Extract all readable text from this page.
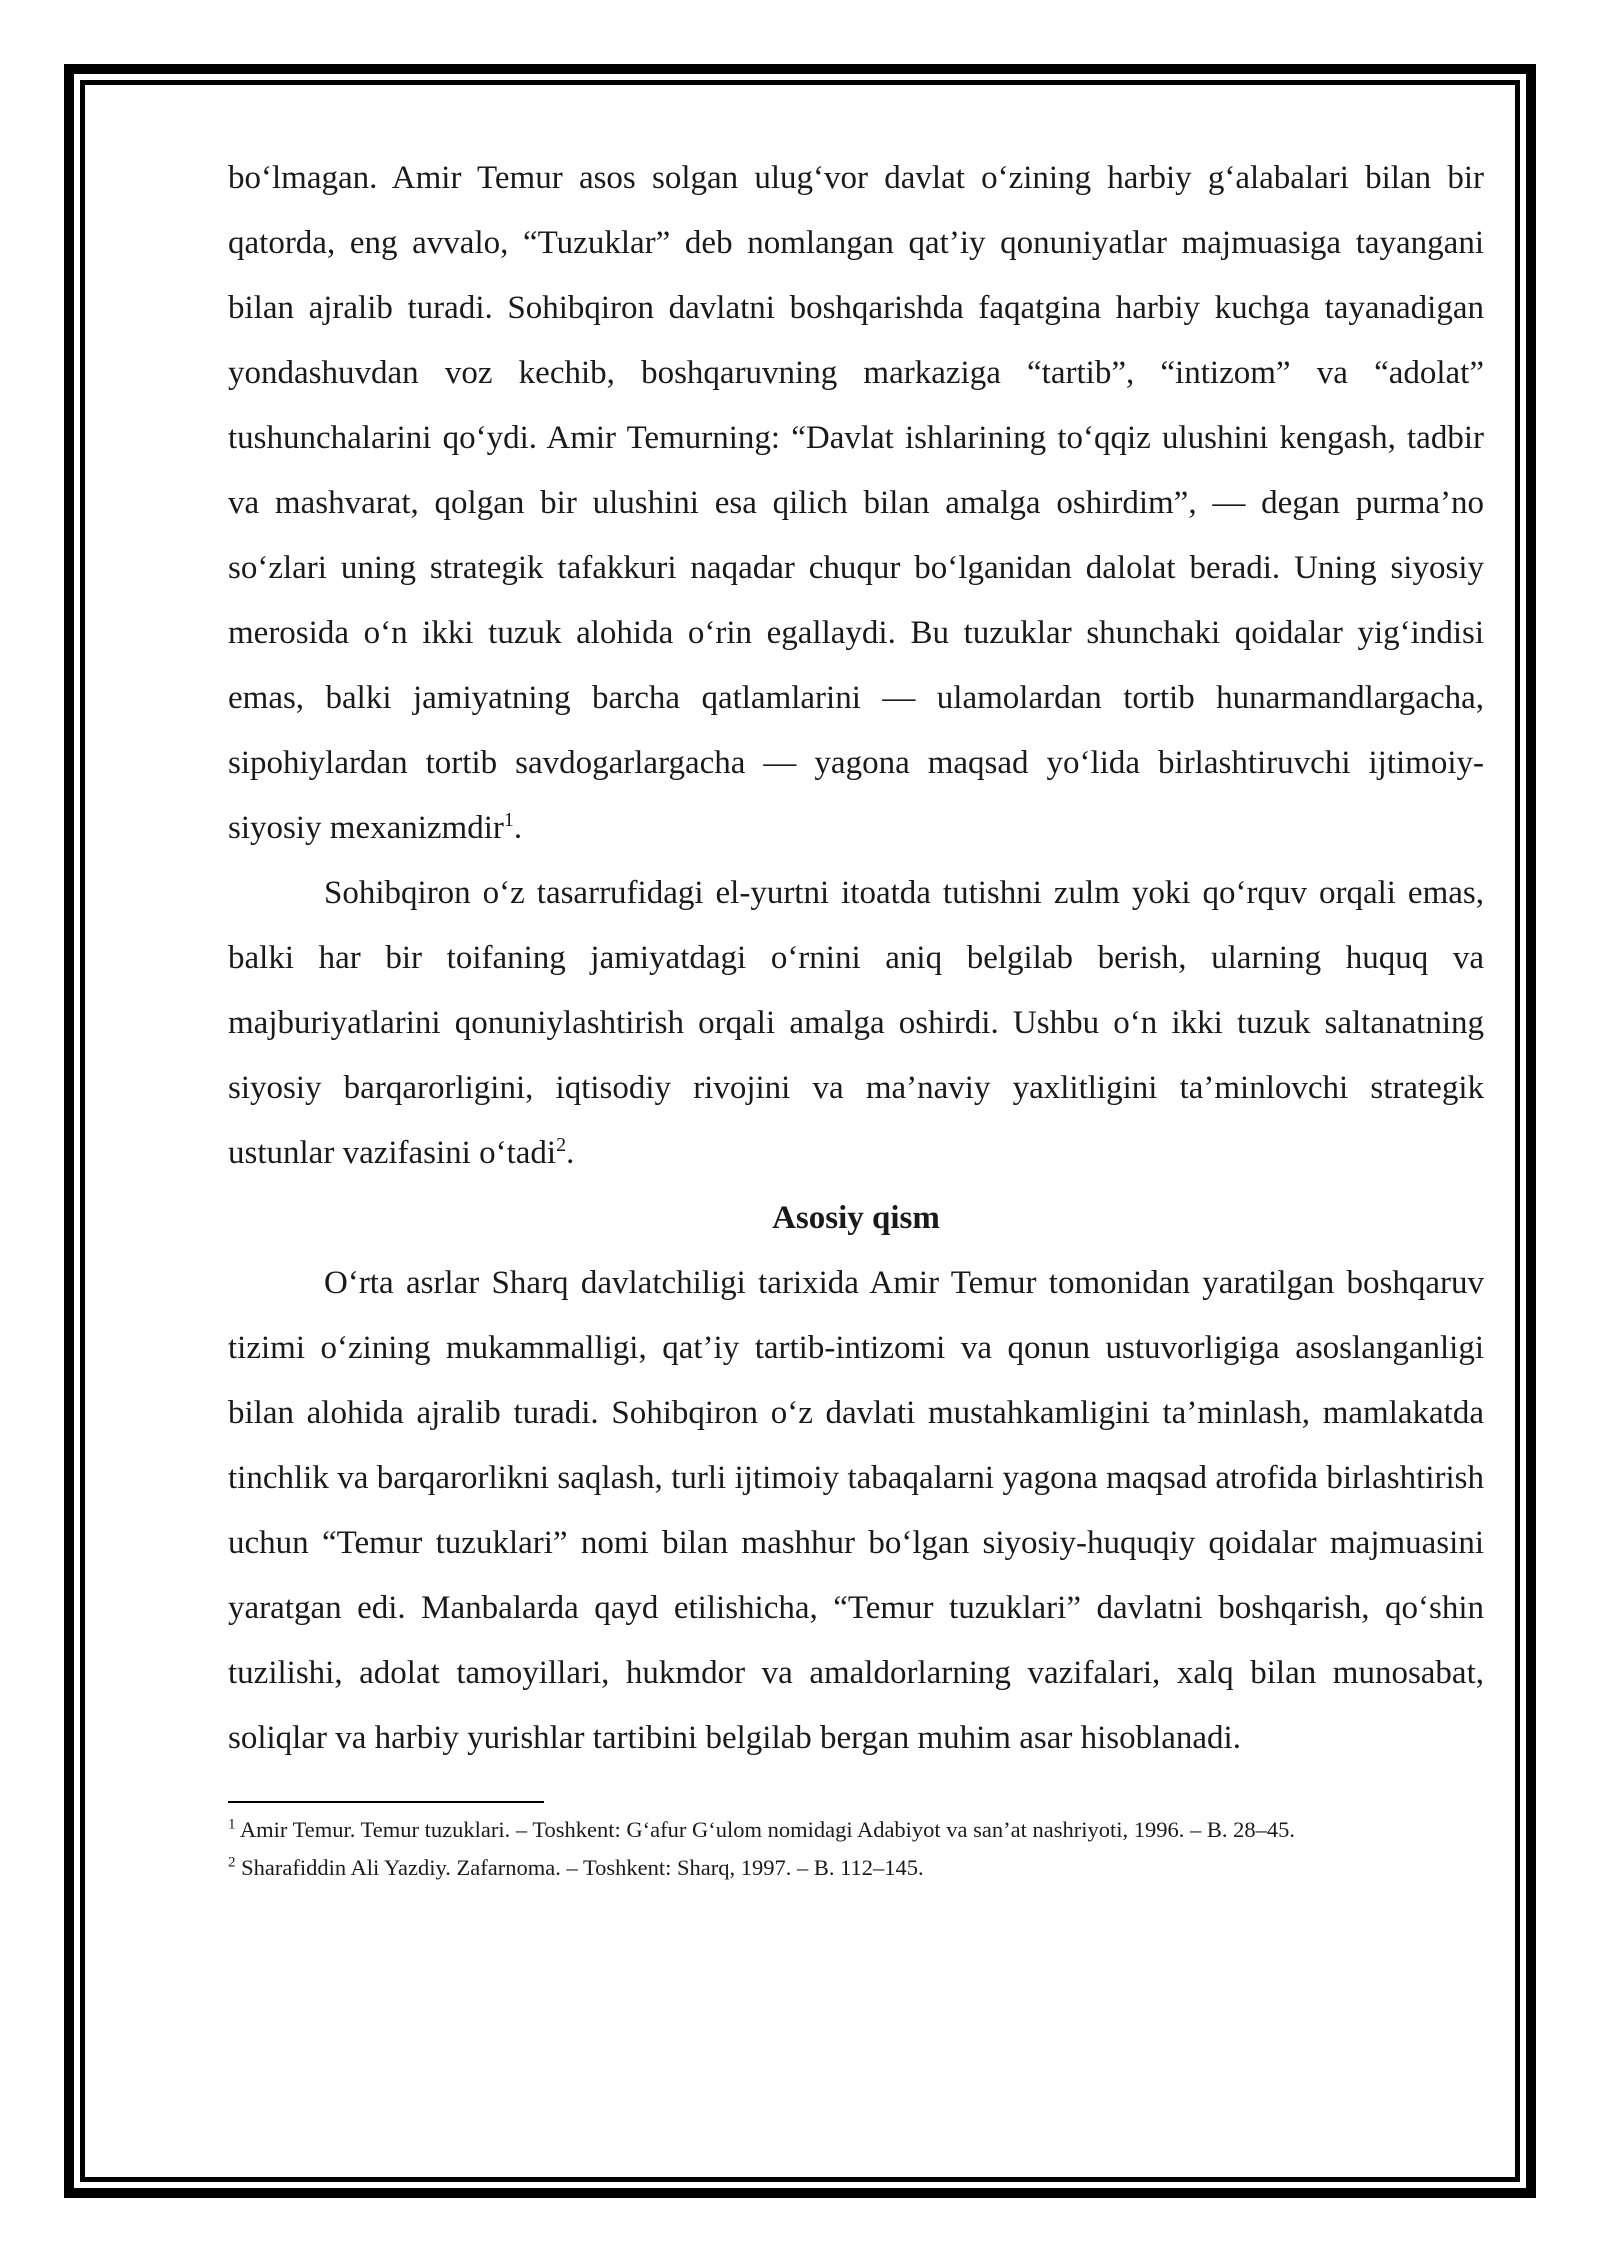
bo‘lmagan. Amir Temur asos solgan ulug‘vor davlat o‘zining harbiy g‘alabalari bilan bir qatorda, eng avvalo, “Tuzuklar” deb nomlangan qat’iy qonuniyatlar majmuasiga tayangani bilan ajralib turadi. Sohibqiron davlatni boshqarishda faqatgina harbiy kuchga tayanadigan yondashuvdan voz kechib, boshqaruvning markaziga “tartib”, “intizom” va “adolat” tushunchalarini qo‘ydi. Amir Temurning: “Davlat ishlarining to‘qqiz ulushini kengash, tadbir va mashvarat, qolgan bir ulushini esa qilich bilan amalga oshirdim”, — degan purma’no so‘zlari uning strategik tafakkuri naqadar chuqur bo‘lganidan dalolat beradi. Uning siyosiy merosida o‘n ikki tuzuk alohida o‘rin egallaydi. Bu tuzuklar shunchaki qoidalar yig‘indisi emas, balki jamiyatning barcha qatlamlarini — ulamolardan tortib hunarmandlargacha, sipohiylardan tortib savdogarlargacha — yagona maqsad yo‘lida birlashtiruvchi ijtimoiy-siyosiy mexanizmdir$^1$.

Sohibqiron o‘z tasarrufidagi el-yurtni itoatda tutishni zulm yoki qo‘rquv orqali emas, balki har bir toifaning jamiyatdagi o‘rnini aniq belgilab berish, ularning huquq va majburiyatlarini qonuniylashtirish orqali amalga oshirdi. Ushbu o‘n ikki tuzuk saltanatning siyosiy barqarorligini, iqtisodiy rivojini va ma’naviy yaxlitligini ta’minlovchi strategik ustunlar vazifasini o‘tadi$^2$.

Asosiy qism

O‘rta asrlar Sharq davlatchiligi tarixida Amir Temur tomonidan yaratilgan boshqaruv tizimi o‘zining mukammalligi, qat’iy tartib-intizomi va qonun ustuvorligiga asoslanganligi bilan alohida ajralib turadi. Sohibqiron o‘z davlati mustahkamligini ta’minlash, mamlakatda tinchlik va barqarorlikni saqlash, turli ijtimoiy tabaqalarni yagona maqsad atrofida birlashtirish uchun “Temur tuzuklari” nomi bilan mashhur bo‘lgan siyosiy-huquqiy qoidalar majmuasini yaratgan edi. Manbalarda qayd etilishicha, “Temur tuzuklari” davlatni boshqarish, qo‘shin tuzilishi, adolat tamoyillari, hukmdor va amaldorlarning vazifalari, xalq bilan munosabat, soliqlar va harbiy yurishlar tartibini belgilab bergan muhim asar hisoblanadi.

$^1$ Amir Temur. Temur tuzuklari. – Toshkent: G‘afur G‘ulom nomidagi Adabiyot va san’at nashriyoti, 1996. – B. 28–45.

$^2$ Sharafiddin Ali Yazdiy. Zafarnoma. – Toshkent: Sharq, 1997. – B. 112–145.
